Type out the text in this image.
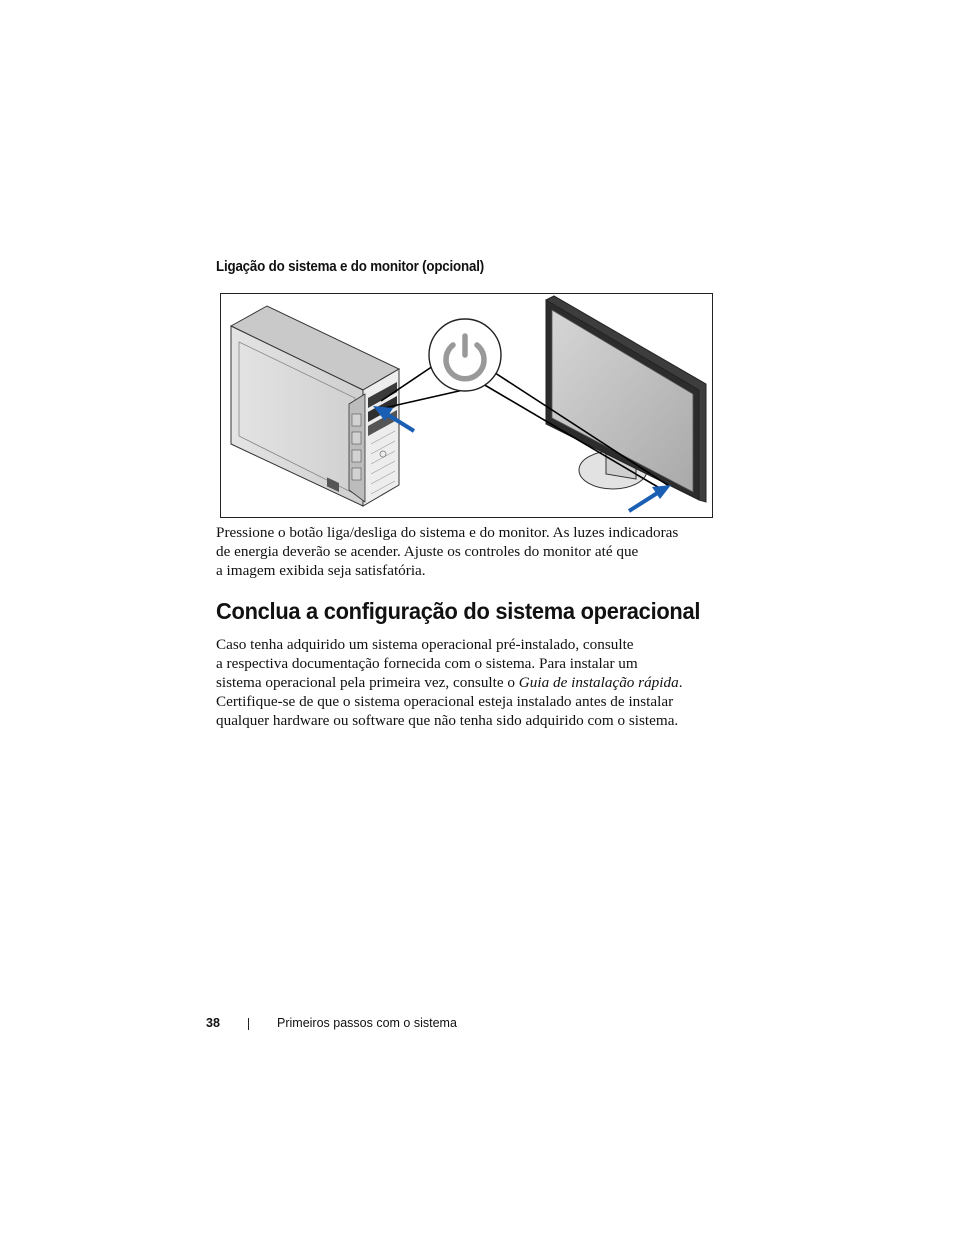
Ligação do sistema e do monitor (opcional)

Pressione o botão liga/desliga do sistema e do monitor. As luzes indicadoras

de energia deverão se acender. Ajuste os controles do monitor até que

a imagem exibida seja satisfatória.

Conclua a configuração do sistema operacional

Caso tenha adquirido um sistema operacional pré-instalado, consulte

a respectiva documentação fornecida com o sistema. Para instalar um

sistema operacional pela primeira vez, consulte o Guia de instalação rápida.

Certifique-se de que o sistema operacional esteja instalado antes de instalar

qualquer hardware ou software que não tenha sido adquirido com o sistema.

38	Primeiros passos com o sistema
